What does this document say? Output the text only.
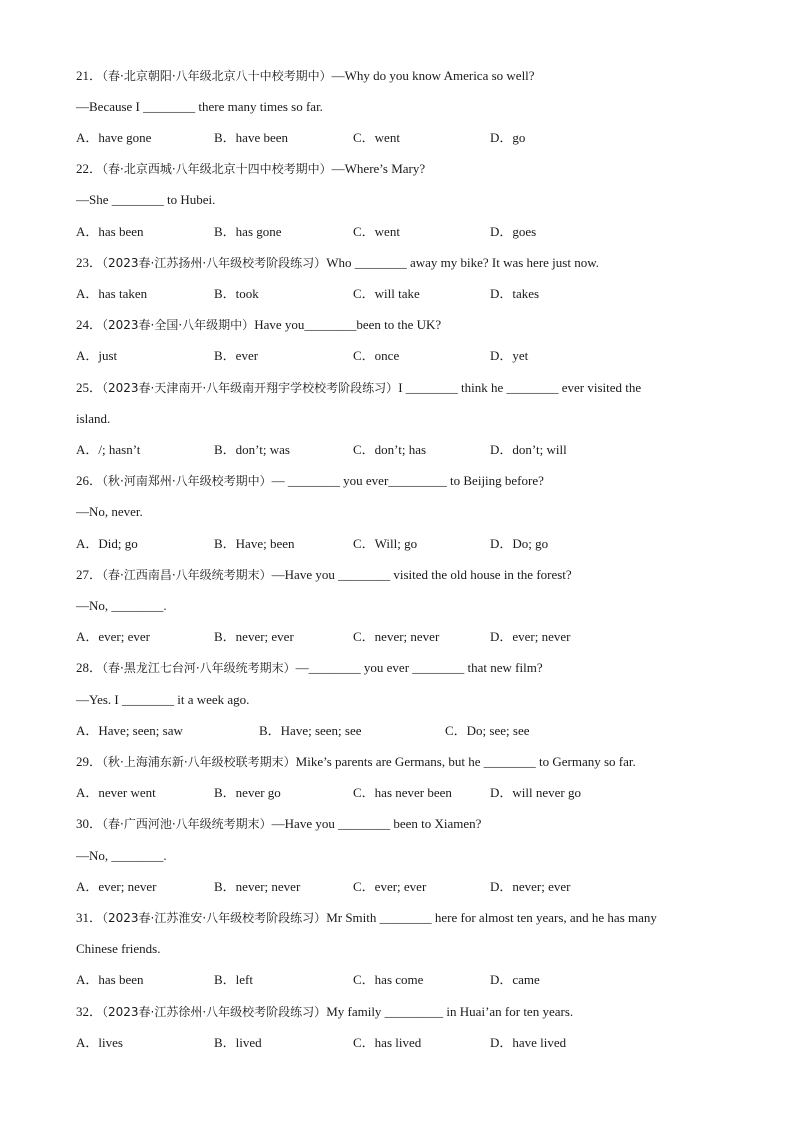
21．（春·北京朝阳·八年级北京八十中校考期中）—Why do you know America so well?
—Because I ________ there many times so far.
A．have gone	B．have been	C．went	D．go
22．（春·北京西城·八年级北京十四中校考期中）—Where’s Mary?
—She ________ to Hubei.
A．has been	B．has gone	C．went	D．goes
23．（2023春·江苏扬州·八年级校考阶段练习）Who ________ away my bike? It was here just now.
A．has taken	B．took	C．will take	D．takes
24．（2023春·全国·八年级期中）Have you________been to the UK?
A．just	B．ever	C．once	D．yet
25．（2023春·天津南开·八年级南开翔宇学校校考阶段练习）I ________ think he ________ ever visited the
island.
A．/; hasn’t	B．don’t; was	C．don’t; has	D．don’t; will
26．（秋·河南郑州·八年级校考期中）— ________ you ever_________ to Beijing before?
—No, never.
A．Did; go	B．Have; been	C．Will; go	D．Do; go
27．（春·江西南昌·八年级统考期末）—Have you ________ visited the old house in the forest?
—No, ________.
A．ever; ever	B．never; ever	C．never; never	D．ever; never
28．（春·黑龙江七台河·八年级统考期末）—________ you ever ________ that new film?
—Yes. I ________ it a week ago.
A．Have; seen; saw	B．Have; seen; see	C．Do; see; see
29．（秋·上海浦东新·八年级校联考期末）Mike’s parents are Germans, but he ________ to Germany so far.
A．never went	B．never go	C．has never been	D．will never go
30．（春·广西河池·八年级统考期末）—Have you ________ been to Xiamen?
—No, ________.
A．ever; never	B．never; never	C．ever; ever	D．never; ever
31．（2023春·江苏淮安·八年级校考阶段练习）Mr Smith ________ here for almost ten years, and he has many
Chinese friends.
A．has been	B．left	C．has come	D．came
32．（2023春·江苏徐州·八年级校考阶段练习）My family _________ in Huai’an for ten years.
A．lives	B．lived	C．has lived	D．have lived
